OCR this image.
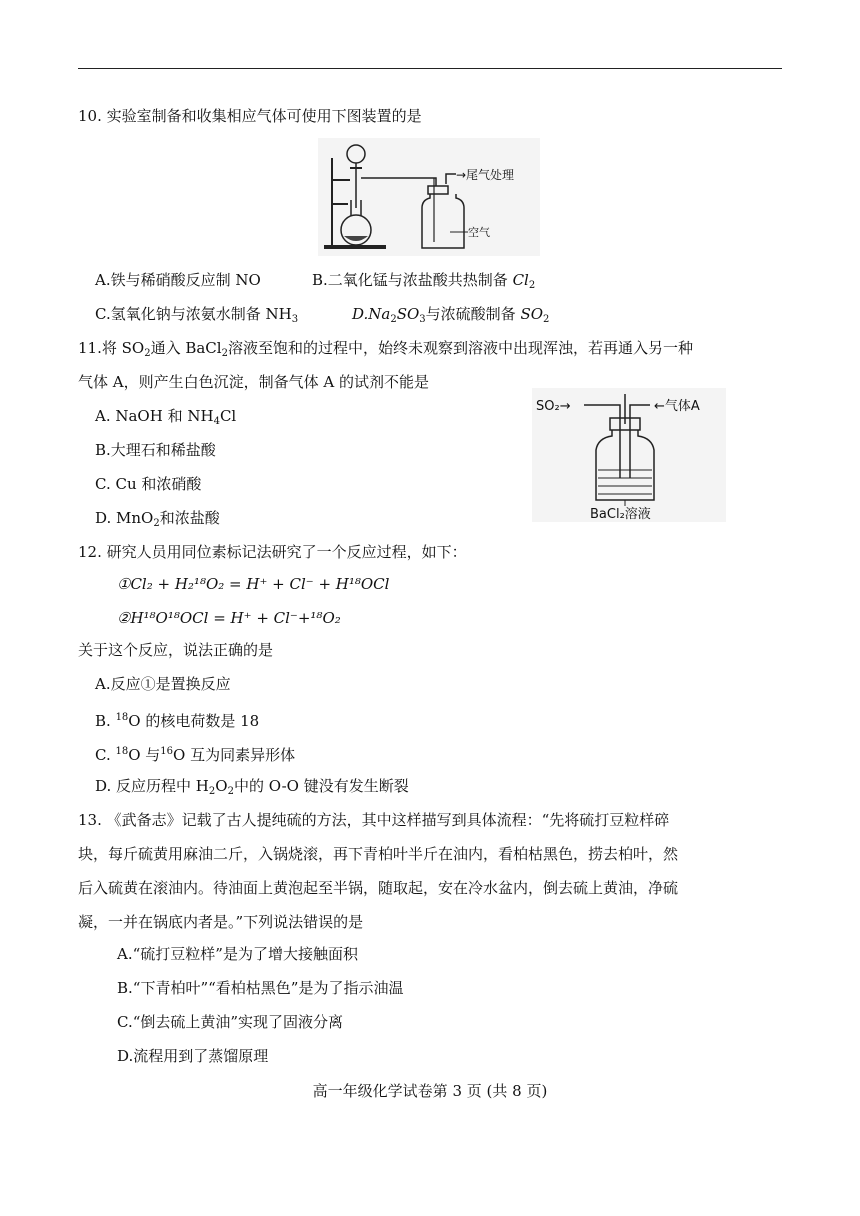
10. 实验室制备和收集相应气体可使用下图装置的是
→尾气处理
空气
A.铁与稀硝酸反应制 NO	B.二氧化锰与浓盐酸共热制备 $Cl_2$
C.氢氧化钠与浓氨水制备 $NH_3$	$D.Na_2SO_3$与浓硫酸制备 $SO_2$
11.将 $SO_2$通入 BaCl$_2$溶液至饱和的过程中，始终未观察到溶液中出现浑浊，若再通入另一种
气体 A，则产生白色沉淀，制备气体 A 的试剂不能是
A. NaOH 和 $NH_4Cl$
B.大理石和稀盐酸
C. Cu 和浓硝酸
D. MnO$_2$和浓盐酸
SO₂→	←气体A
BaCl₂溶液
12. 研究人员用同位素标记法研究了一个反应过程，如下：
①Cl₂ + H₂¹⁸O₂ = H⁺ + Cl⁻ + H¹⁸OCl
②H¹⁸O¹⁸OCl = H⁺ + Cl⁻+¹⁸O₂
关于这个反应，说法正确的是
A.反应①是置换反应
B. $^{18}$O 的核电荷数是 18
C. $^{18}$O 与$^{16}$O 互为同素异形体
D. 反应历程中 $H_2O_2$中的 O-O 键没有发生断裂
13. 《武备志》记载了古人提纯硫的方法，其中这样描写到具体流程：“先将硫打豆粒样碎
块，每斤硫黄用麻油二斤，入锅烧滚，再下青柏叶半斤在油内，看柏枯黑色，捞去柏叶，然
后入硫黄在滚油内。待油面上黄泡起至半锅，随取起，安在冷水盆内，倒去硫上黄油，净硫
凝，一并在锅底内者是。”下列说法错误的是
A.“硫打豆粒样”是为了增大接触面积
B.“下青柏叶”“看柏枯黑色”是为了指示油温
C.“倒去硫上黄油”实现了固液分离
D.流程用到了蒸馏原理
高一年级化学试卷第 3 页 (共 8 页)
